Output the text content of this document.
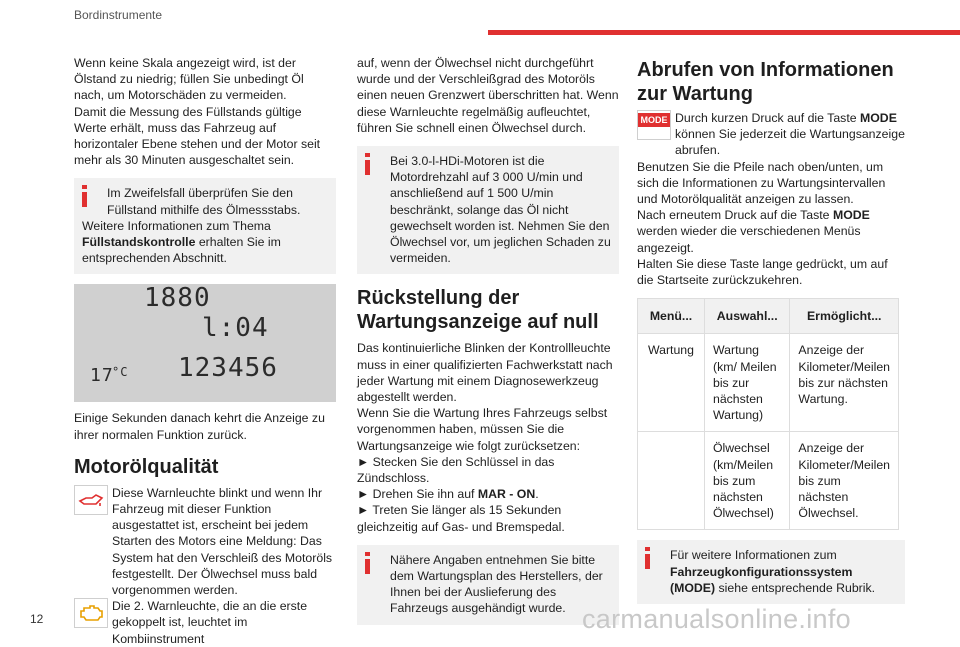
Bordinstrumente

Wenn keine Skala angezeigt wird, ist der Ölstand zu niedrig; füllen Sie unbedingt Öl nach, um Motorschäden zu vermeiden.

Damit die Messung des Füllstands gültige Werte erhält, muss das Fahrzeug auf horizontaler Ebene stehen und der Motor seit mehr als 30 Minuten ausgeschaltet sein.

Im Zweifelsfall überprüfen Sie den Füllstand mithilfe des Ölmessstabs.

Weitere Informationen zum Thema

Füllstandskontrolle erhalten Sie im entsprechenden Abschnitt.

1880
l:04
17
°C 123456

Einige Sekunden danach kehrt die Anzeige zu ihrer normalen Funktion zurück.

Motorölqualität

Diese Warnleuchte blinkt und wenn Ihr Fahrzeug mit dieser Funktion ausgestattet ist, erscheint bei jedem Starten des Motors eine Meldung: Das System hat den Verschleiß des Motoröls festgestellt. Der Ölwechsel muss bald vorgenommen werden.

Die 2. Warnleuchte, die an die erste gekoppelt ist, leuchtet im Kombiinstrument

auf, wenn der Ölwechsel nicht durchgeführt wurde und der Verschleißgrad des Motoröls einen neuen Grenzwert überschritten hat. Wenn diese Warnleuchte regelmäßig aufleuchtet, führen Sie schnell einen Ölwechsel durch.

Bei 3.0-l-HDi-Motoren ist die Motordrehzahl auf 3 000 U/min und anschließend auf 1 500 U/min beschränkt, solange das Öl nicht gewechselt worden ist. Nehmen Sie den Ölwechsel vor, um jeglichen Schaden zu vermeiden.

Rückstellung der Wartungsanzeige auf null

Das kontinuierliche Blinken der Kontrollleuchte muss in einer qualifizierten Fachwerkstatt nach jeder Wartung mit einem Diagnosewerkzeug abgestellt werden.

Wenn Sie die Wartung Ihres Fahrzeugs selbst vorgenommen haben, müssen Sie die Wartungsanzeige wie folgt zurücksetzen:

► Stecken Sie den Schlüssel in das Zündschloss.

► Drehen Sie ihn auf MAR - ON.

► Treten Sie länger als 15 Sekunden gleichzeitig auf Gas- und Bremspedal.

Nähere Angaben entnehmen Sie bitte dem Wartungsplan des Herstellers, der Ihnen bei der Auslieferung des Fahrzeugs ausgehändigt wurde.

Abrufen von Informationen zur Wartung
MODE Durch kurzen Druck auf die Taste MODE können Sie jederzeit die Wartungsanzeige abrufen.

Benutzen Sie die Pfeile nach oben/unten, um sich die Informationen zu Wartungsintervallen und Motorölqualität anzeigen zu lassen.

Nach erneutem Druck auf die Taste MODE werden wieder die verschiedenen Menüs angezeigt.

Halten Sie diese Taste lange gedrückt, um auf die Startseite zurückzukehren.

Menü...	Auswahl...	Ermöglicht...
Wartung	Wartung (km/ Meilen bis zur nächsten Wartung)	Anzeige der Kilometer/Meilen bis zur nächsten Wartung.
	Ölwechsel (km/Meilen bis zum nächsten Ölwechsel)	Anzeige der Kilometer/Meilen bis zum nächsten Ölwechsel.

Für weitere Informationen zum Fahrzeugkonfigurationssystem (MODE) siehe entsprechende Rubrik.

12	carmanualsonline.info
